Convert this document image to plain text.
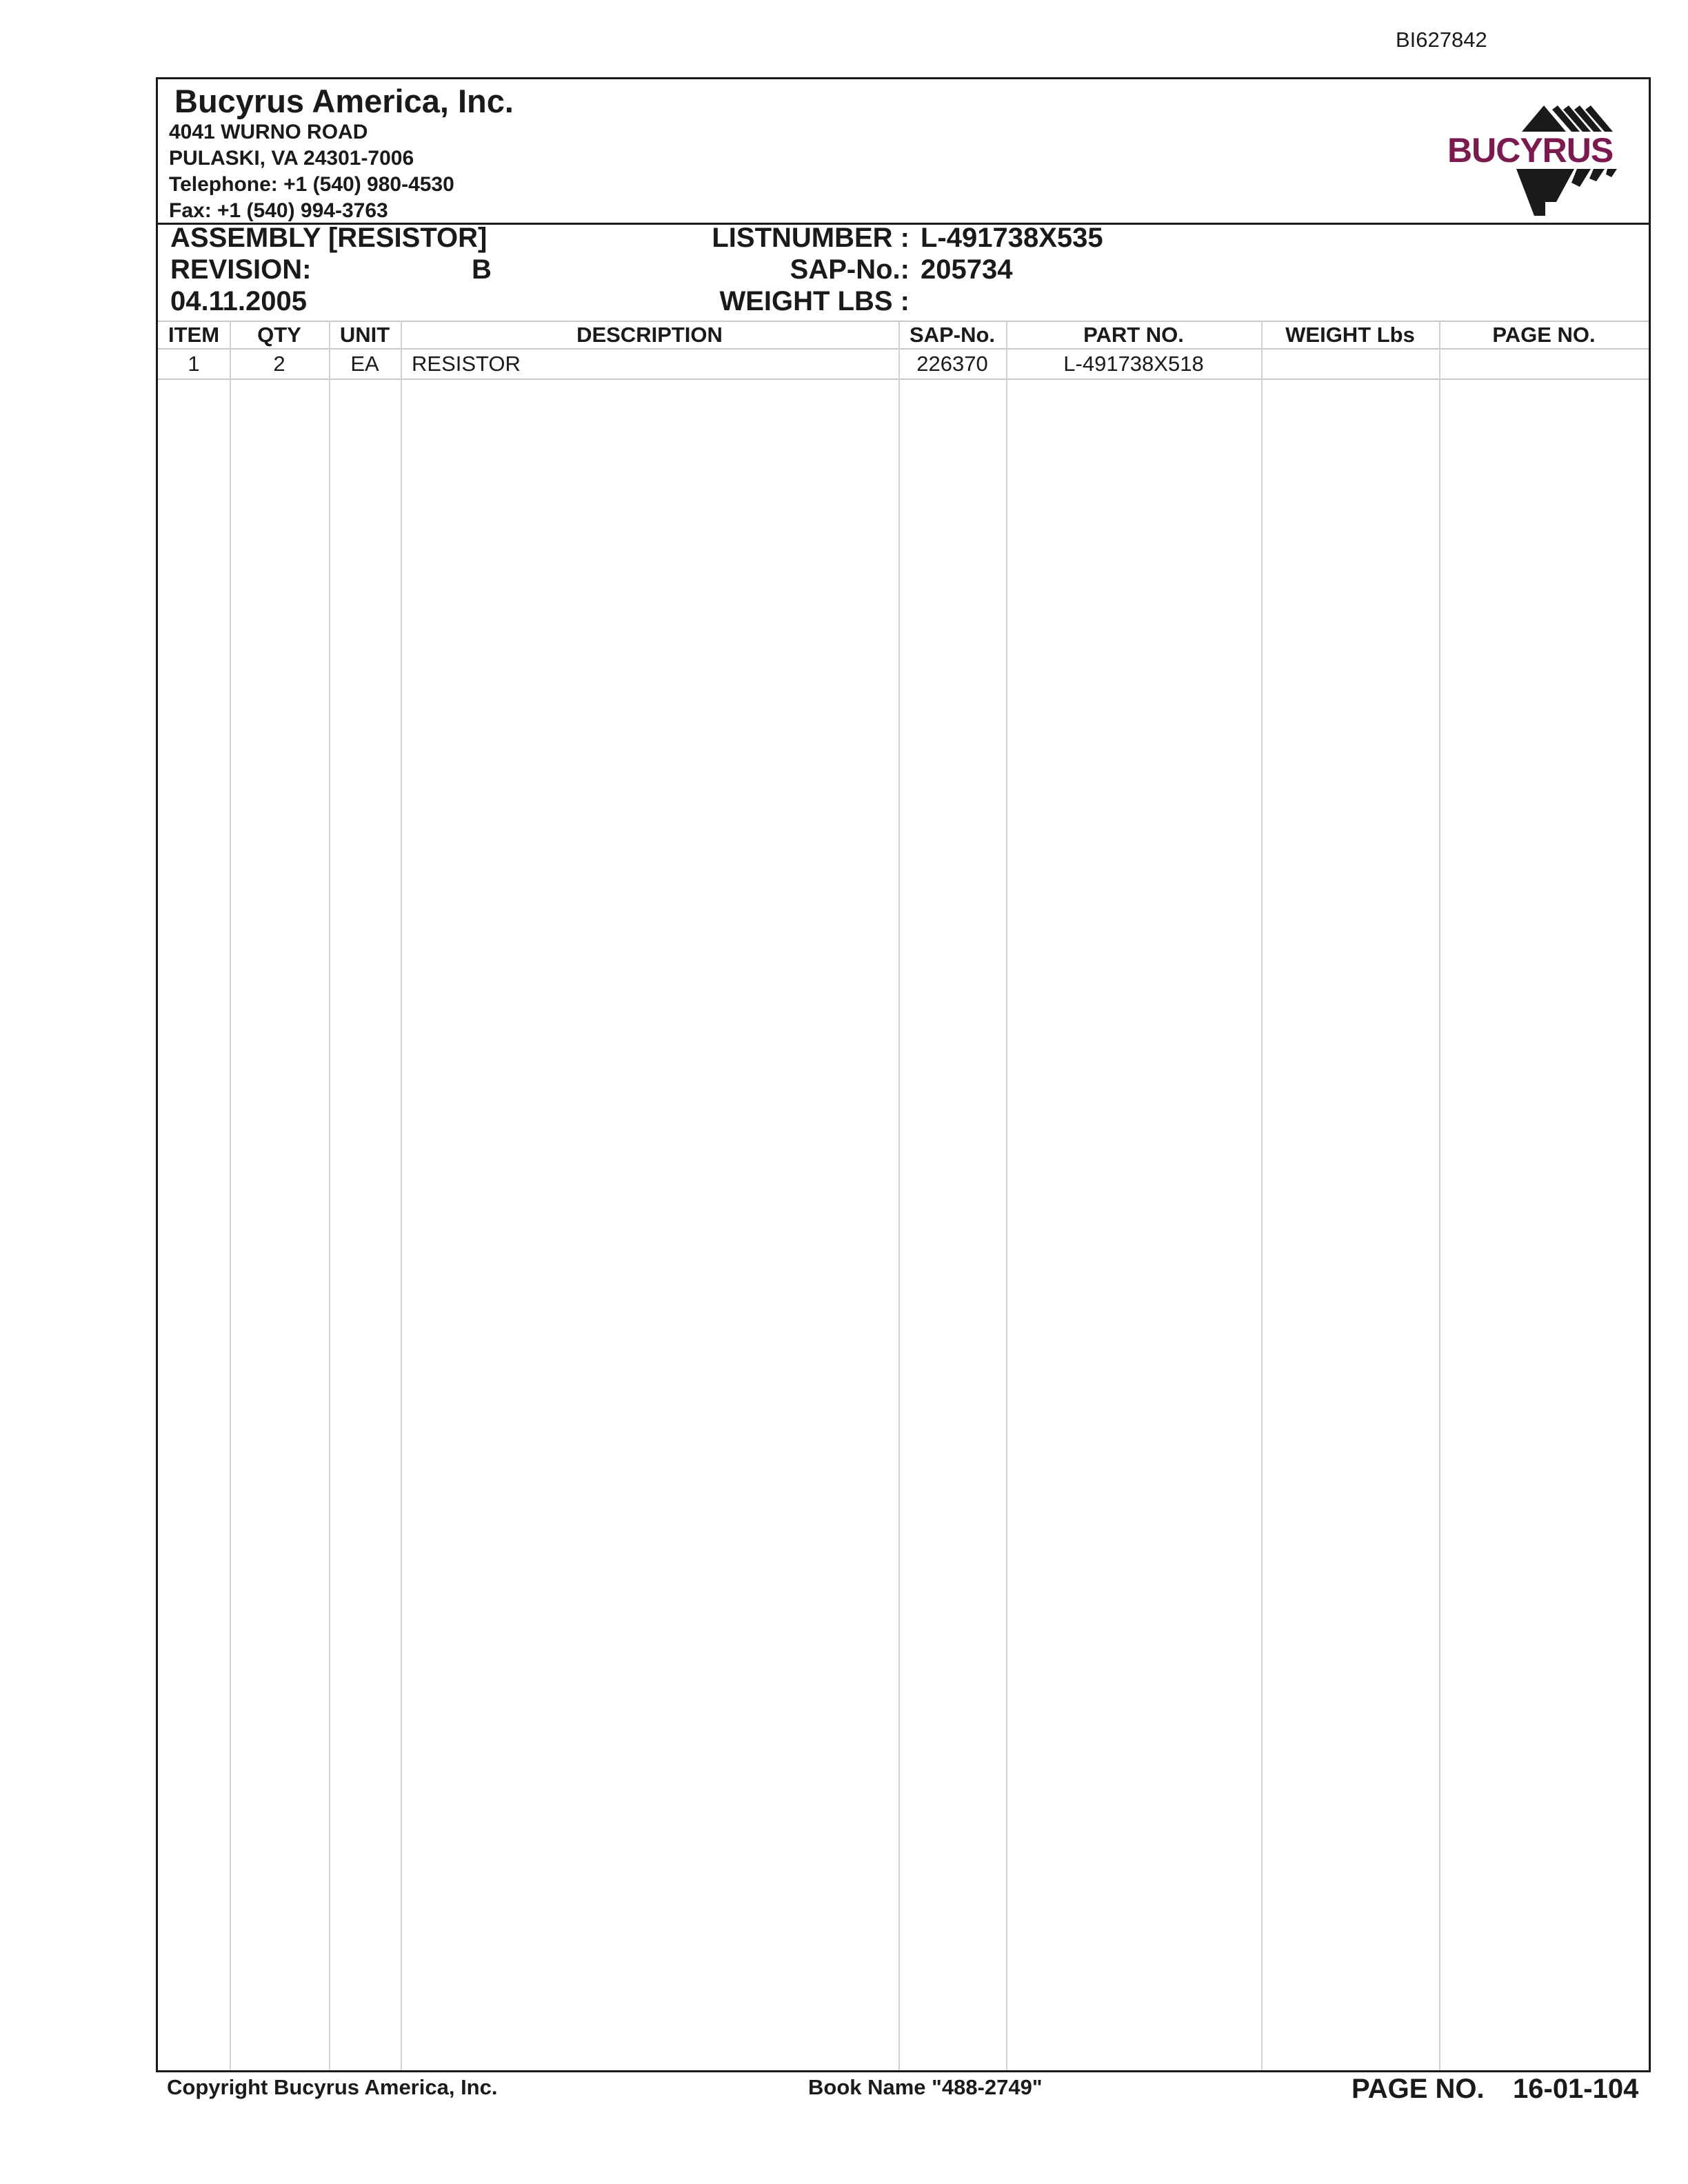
BI627842
Bucyrus America, Inc.
4041 WURNO ROAD
PULASKI, VA 24301-7006
Telephone: +1 (540) 980-4530
Fax: +1 (540) 994-3763
BUCYRUS
ASSEMBLY [RESISTOR]
REVISION:	B
04.11.2005
LISTNUMBER : L-491738X535
SAP-No.: 205734
WEIGHT LBS :
ITEM	QTY	UNIT	DESCRIPTION	SAP-No.	PART NO.	WEIGHT Lbs	PAGE NO.
1	2	EA	RESISTOR	226370	L-491738X518
Copyright Bucyrus America, Inc.	Book Name "488-2749"	PAGE NO. 16-01-104
